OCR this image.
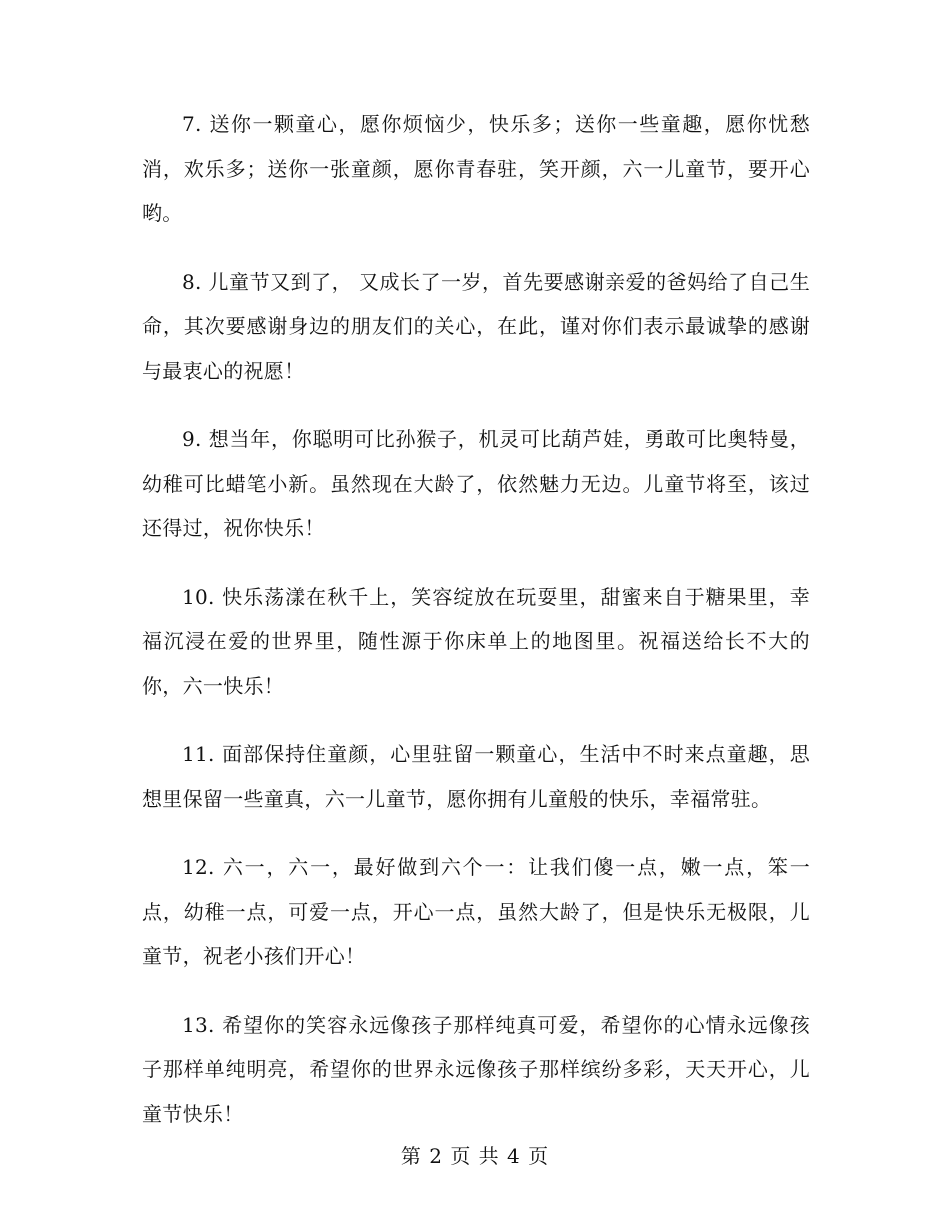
7. 送你一颗童心，愿你烦恼少，快乐多；送你一些童趣，愿你忧愁消，欢乐多；送你一张童颜，愿你青春驻，笑开颜，六一儿童节，要开心哟。

8. 儿童节又到了， 又成长了一岁，首先要感谢亲爱的爸妈给了自己生命，其次要感谢身边的朋友们的关心，在此，谨对你们表示最诚挚的感谢与最衷心的祝愿！

9. 想当年，你聪明可比孙猴子，机灵可比葫芦娃，勇敢可比奥特曼，幼稚可比蜡笔小新。虽然现在大龄了，依然魅力无边。儿童节将至，该过还得过，祝你快乐！

10. 快乐荡漾在秋千上，笑容绽放在玩耍里，甜蜜来自于糖果里，幸福沉浸在爱的世界里，随性源于你床单上的地图里。祝福送给长不大的你，六一快乐！

11. 面部保持住童颜，心里驻留一颗童心，生活中不时来点童趣，思想里保留一些童真，六一儿童节，愿你拥有儿童般的快乐，幸福常驻。

12. 六一，六一，最好做到六个一：让我们傻一点，嫩一点，笨一点，幼稚一点，可爱一点，开心一点，虽然大龄了，但是快乐无极限，儿童节，祝老小孩们开心！

13. 希望你的笑容永远像孩子那样纯真可爱，希望你的心情永远像孩子那样单纯明亮，希望你的世界永远像孩子那样缤纷多彩，天天开心，儿童节快乐！

第 2 页 共 4 页
